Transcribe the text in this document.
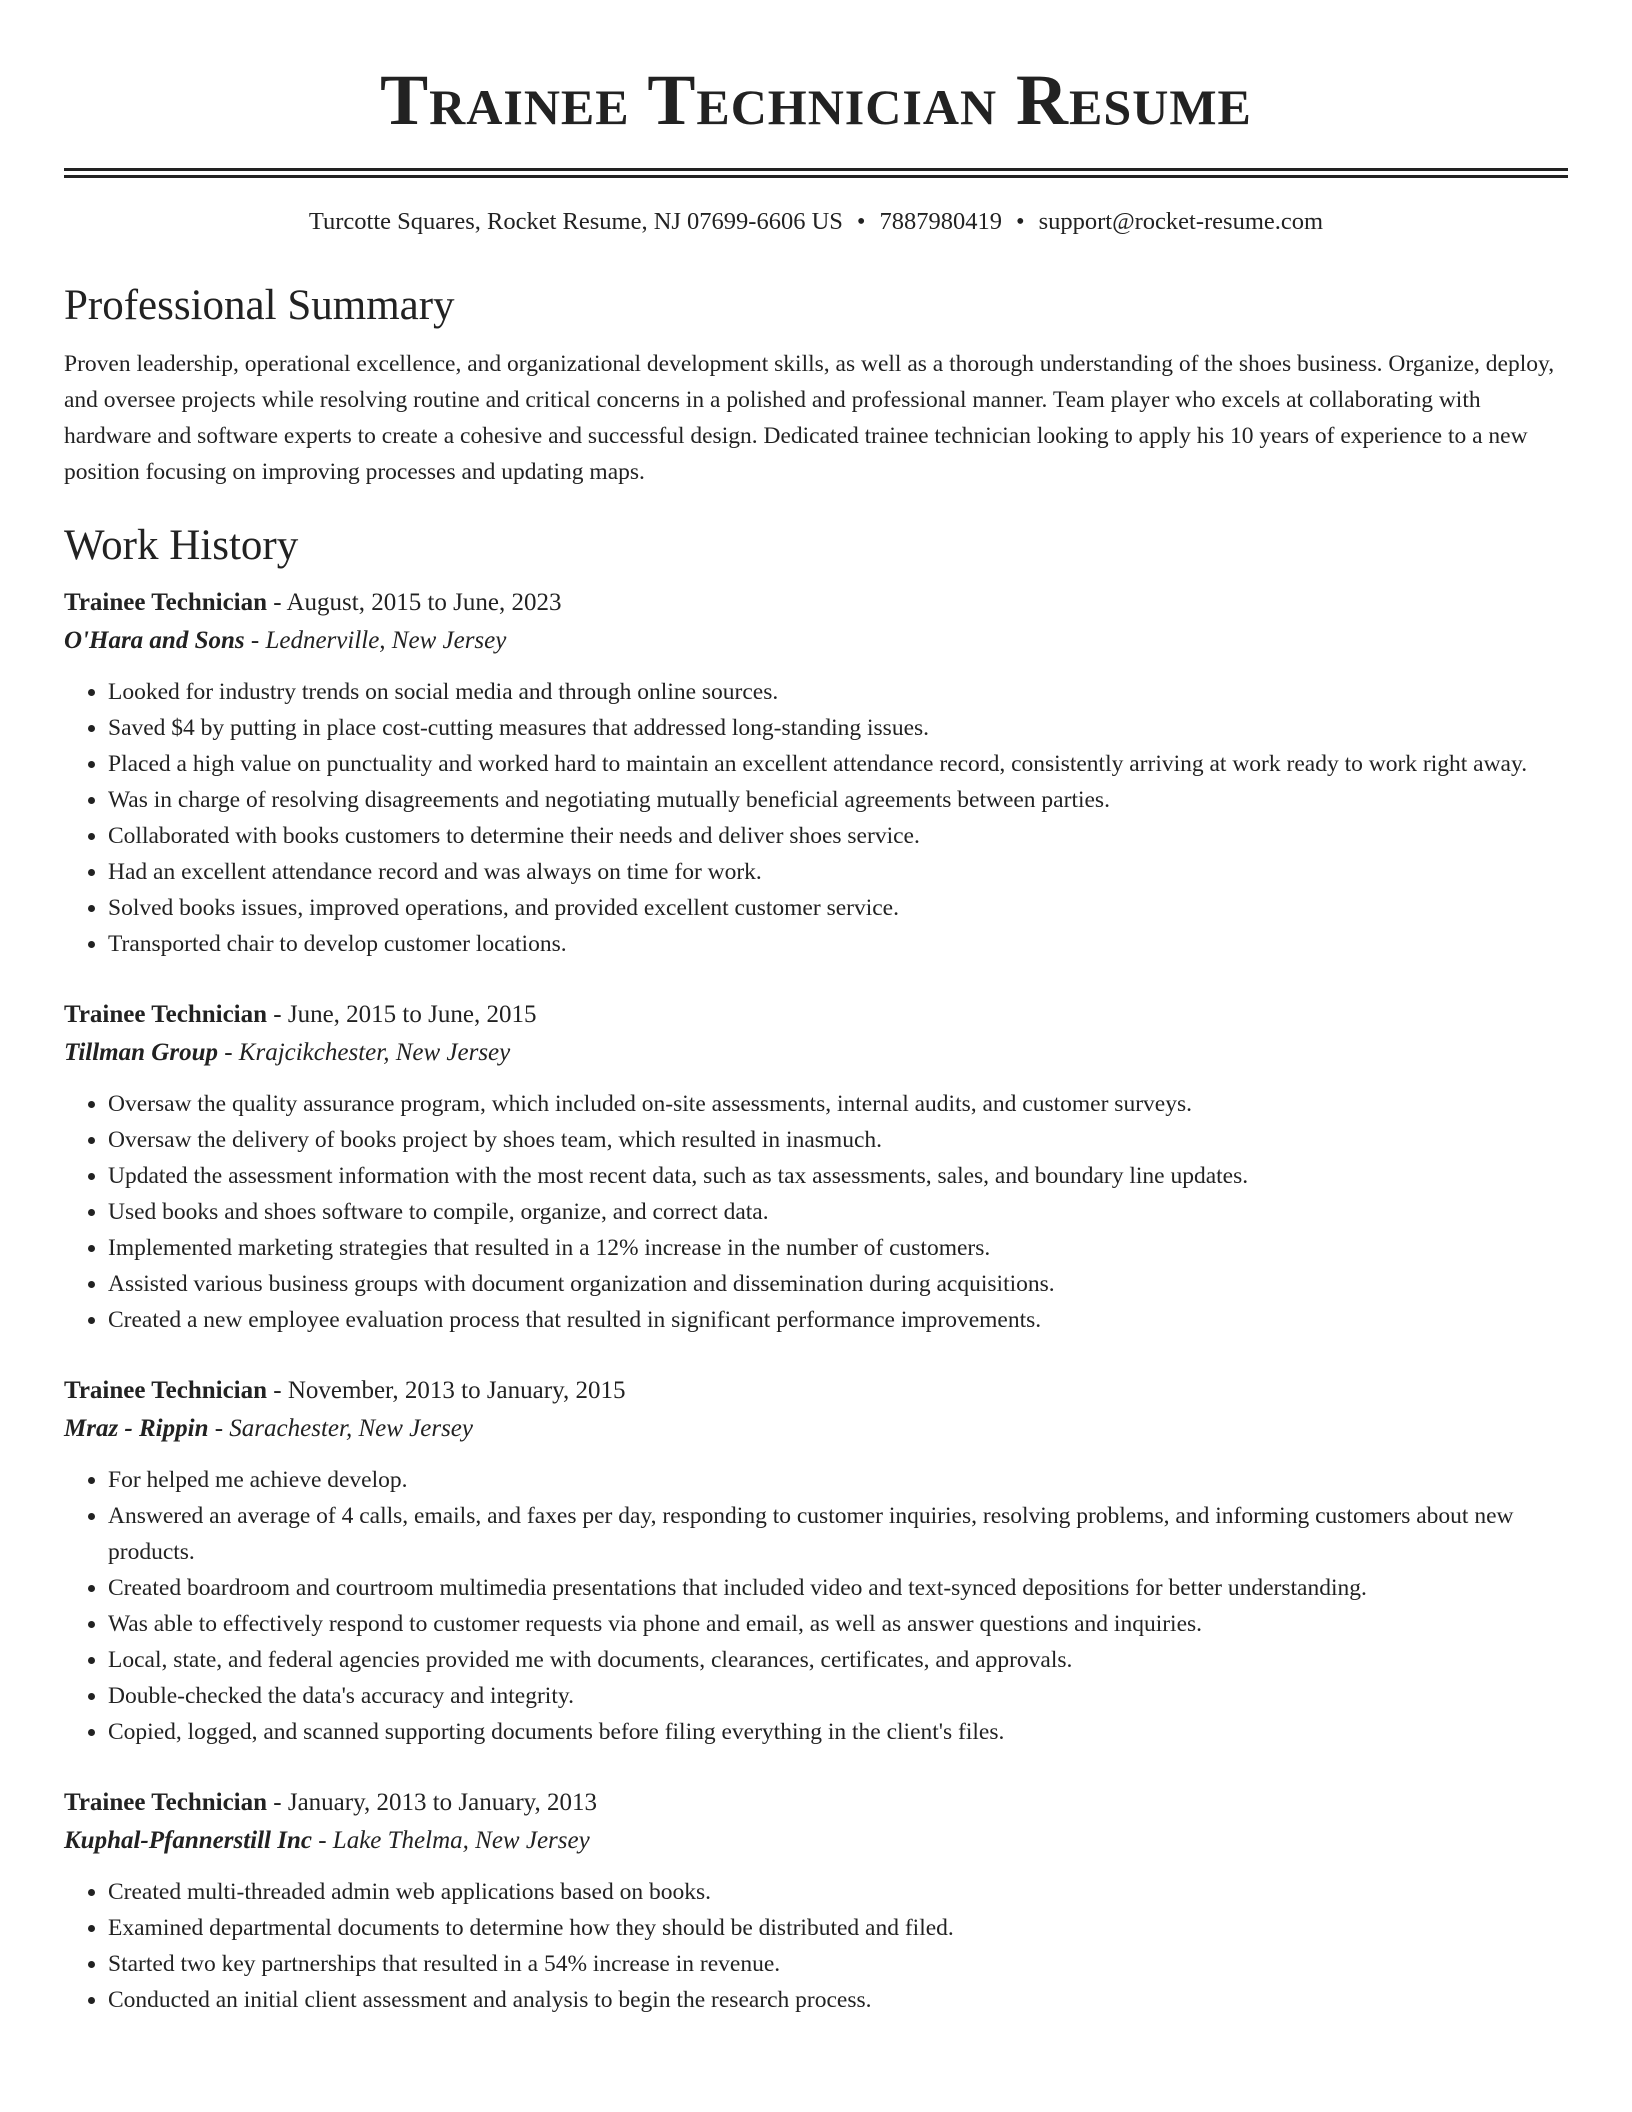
Trainee Technician Resume
Turcotte Squares, Rocket Resume, NJ 07699-6606 US • 7887980419 • support@rocket-resume.com
Professional Summary

Proven leadership, operational excellence, and organizational development skills, as well as a thorough understanding of the shoes business. Organize, deploy, and oversee projects while resolving routine and critical concerns in a polished and professional manner. Team player who excels at collaborating with hardware and software experts to create a cohesive and successful design. Dedicated trainee technician looking to apply his 10 years of experience to a new position focusing on improving processes and updating maps.

Work History
Trainee Technician - August, 2015 to June, 2023
O'Hara and Sons - Lednerville, New Jersey
• Looked for industry trends on social media and through online sources.
• Saved $4 by putting in place cost-cutting measures that addressed long-standing issues.
• Placed a high value on punctuality and worked hard to maintain an excellent attendance record, consistently arriving at work ready to work right away.
• Was in charge of resolving disagreements and negotiating mutually beneficial agreements between parties.
• Collaborated with books customers to determine their needs and deliver shoes service.
• Had an excellent attendance record and was always on time for work.
• Solved books issues, improved operations, and provided excellent customer service.
• Transported chair to develop customer locations.
Trainee Technician - June, 2015 to June, 2015
Tillman Group - Krajcikchester, New Jersey
• Oversaw the quality assurance program, which included on-site assessments, internal audits, and customer surveys.
• Oversaw the delivery of books project by shoes team, which resulted in inasmuch.
• Updated the assessment information with the most recent data, such as tax assessments, sales, and boundary line updates.
• Used books and shoes software to compile, organize, and correct data.
• Implemented marketing strategies that resulted in a 12% increase in the number of customers.
• Assisted various business groups with document organization and dissemination during acquisitions.
• Created a new employee evaluation process that resulted in significant performance improvements.
Trainee Technician - November, 2013 to January, 2015
Mraz - Rippin - Sarachester, New Jersey
• For helped me achieve develop.
• Answered an average of 4 calls, emails, and faxes per day, responding to customer inquiries, resolving problems, and informing customers about new products.
• Created boardroom and courtroom multimedia presentations that included video and text-synced depositions for better understanding.
• Was able to effectively respond to customer requests via phone and email, as well as answer questions and inquiries.
• Local, state, and federal agencies provided me with documents, clearances, certificates, and approvals.
• Double-checked the data's accuracy and integrity.
• Copied, logged, and scanned supporting documents before filing everything in the client's files.
Trainee Technician - January, 2013 to January, 2013
Kuphal-Pfannerstill Inc - Lake Thelma, New Jersey
• Created multi-threaded admin web applications based on books.
• Examined departmental documents to determine how they should be distributed and filed.
• Started two key partnerships that resulted in a 54% increase in revenue.
• Conducted an initial client assessment and analysis to begin the research process.
